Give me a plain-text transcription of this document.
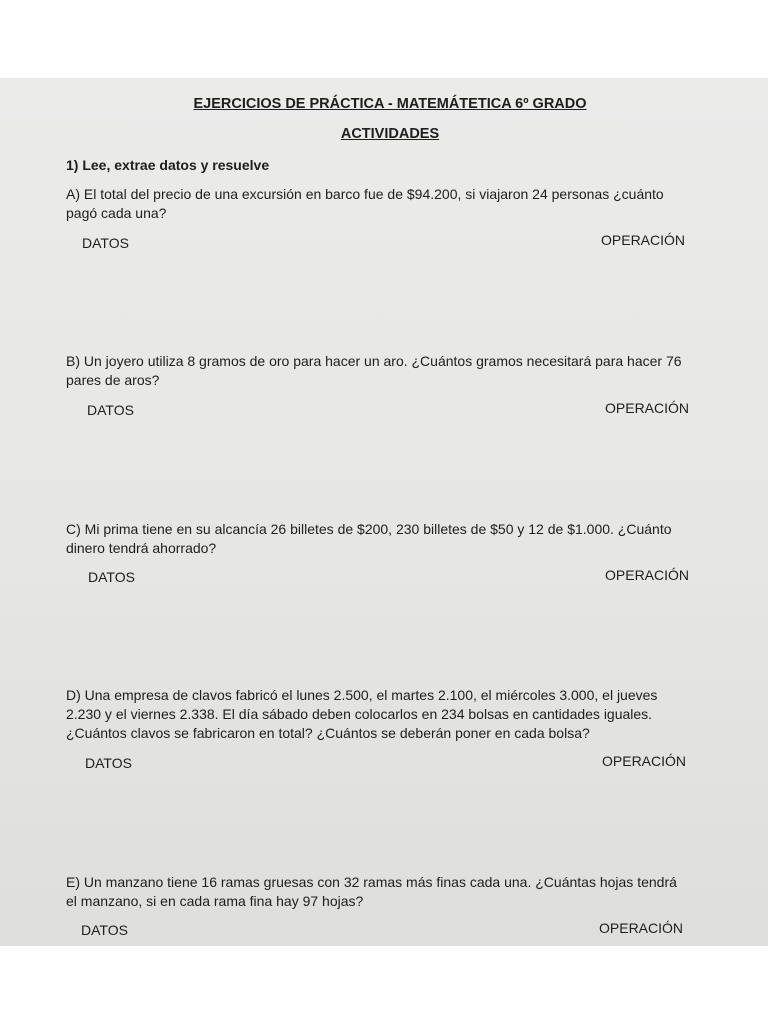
EJERCICIOS DE PRÁCTICA - MATEMÁTETICA 6º GRADO
ACTIVIDADES
1) Lee, extrae datos y resuelve
A) El total del precio de una excursión en barco fue de $94.200, si viajaron 24 personas ¿cuánto
pagó cada una?
DATOS	OPERACIÓN
B) Un joyero utiliza 8 gramos de oro para hacer un aro. ¿Cuántos gramos necesitará para hacer 76
pares de aros?
DATOS	OPERACIÓN
C) Mi prima tiene en su alcancía 26 billetes de $200, 230 billetes de $50 y 12 de $1.000. ¿Cuánto
dinero tendrá ahorrado?
DATOS	OPERACIÓN
D) Una empresa de clavos fabricó el lunes 2.500, el martes 2.100, el miércoles 3.000, el jueves
2.230 y el viernes 2.338. El día sábado deben colocarlos en 234 bolsas en cantidades iguales.
¿Cuántos clavos se fabricaron en total? ¿Cuántos se deberán poner en cada bolsa?
DATOS	OPERACIÓN
E) Un manzano tiene 16 ramas gruesas con 32 ramas más finas cada una. ¿Cuántas hojas tendrá
el manzano, si en cada rama fina hay 97 hojas?
DATOS	OPERACIÓN
